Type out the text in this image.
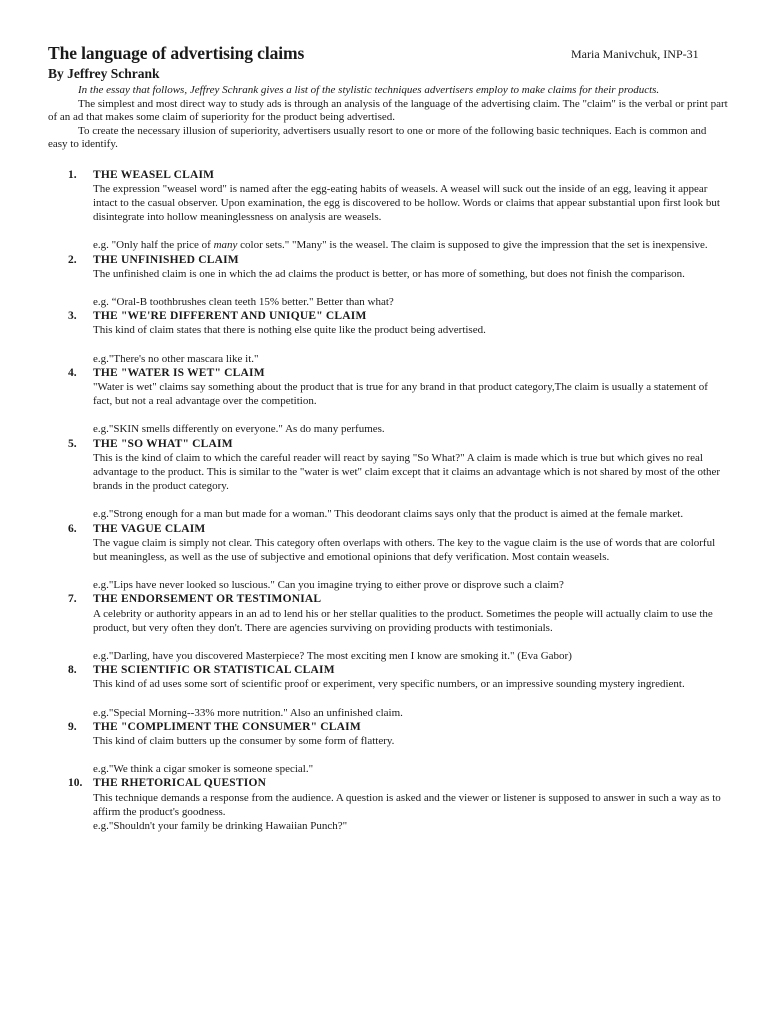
The language of advertising claims	Maria Manivchuk, INP-31
By Jeffrey Schrank

In the essay that follows, Jeffrey Schrank gives a list of the stylistic techniques advertisers employ to make claims for their products.

The simplest and most direct way to study ads is through an analysis of the language of the advertising claim. The "claim" is the verbal or print part of an ad that makes some claim of superiority for the product being advertised.

To create the necessary illusion of superiority, advertisers usually resort to one or more of the following basic techniques. Each is common and easy to identify.

1. THE WEASEL CLAIM

The expression "weasel word" is named after the egg-eating habits of weasels. A weasel will suck out the inside of an egg, leaving it appear intact to the casual observer. Upon examination, the egg is discovered to be hollow. Words or claims that appear substantial upon first look but disintegrate into hollow meaninglessness on analysis are weasels.

e.g. "Only half the price of many color sets." "Many" is the weasel. The claim is supposed to give the impression that the set is inexpensive.

2. THE UNFINISHED CLAIM

The unfinished claim is one in which the ad claims the product is better, or has more of something, but does not finish the comparison.

e.g. “Oral-B toothbrushes clean teeth 15% better." Better than what?

3. THE "WE'RE DIFFERENT AND UNIQUE" CLAIM

This kind of claim states that there is nothing else quite like the product being advertised.

e.g."There's no other mascara like it."

4. THE "WATER IS WET" CLAIM

"Water is wet" claims say something about the product that is true for any brand in that product category,The claim is usually a statement of fact, but not a real advantage over the competition.

e.g."SKIN smells differently on everyone." As do many perfumes.

5. THE "SO WHAT" CLAIM

This is the kind of claim to which the careful reader will react by saying "So What?" A claim is made which is true but which gives no real advantage to the product. This is similar to the "water is wet" claim except that it claims an advantage which is not shared by most of the other brands in the product category.

e.g."Strong enough for a man but made for a woman." This deodorant claims says only that the product is aimed at the female market.

6. THE VAGUE CLAIM

The vague claim is simply not clear. This category often overlaps with others. The key to the vague claim is the use of words that are colorful but meaningless, as well as the use of subjective and emotional opinions that defy verification. Most contain weasels.

e.g."Lips have never looked so luscious." Can you imagine trying to either prove or disprove such a claim?

7. THE ENDORSEMENT OR TESTIMONIAL

A celebrity or authority appears in an ad to lend his or her stellar qualities to the product. Sometimes the people will actually claim to use the product, but very often they don't. There are agencies surviving on providing products with testimonials.

e.g."Darling, have you discovered Masterpiece? The most exciting men I know are smoking it." (Eva Gabor)

8. THE SCIENTIFIC OR STATISTICAL CLAIM

This kind of ad uses some sort of scientific proof or experiment, very specific numbers, or an impressive sounding mystery ingredient.

e.g."Special Morning--33% more nutrition." Also an unfinished claim.

9. THE "COMPLIMENT THE CONSUMER" CLAIM

This kind of claim butters up the consumer by some form of flattery.

e.g."We think a cigar smoker is someone special."

10. THE RHETORICAL QUESTION

This technique demands a response from the audience. A question is asked and the viewer or listener is supposed to answer in such a way as to affirm the product's goodness.

e.g."Shouldn't your family be drinking Hawaiian Punch?"
